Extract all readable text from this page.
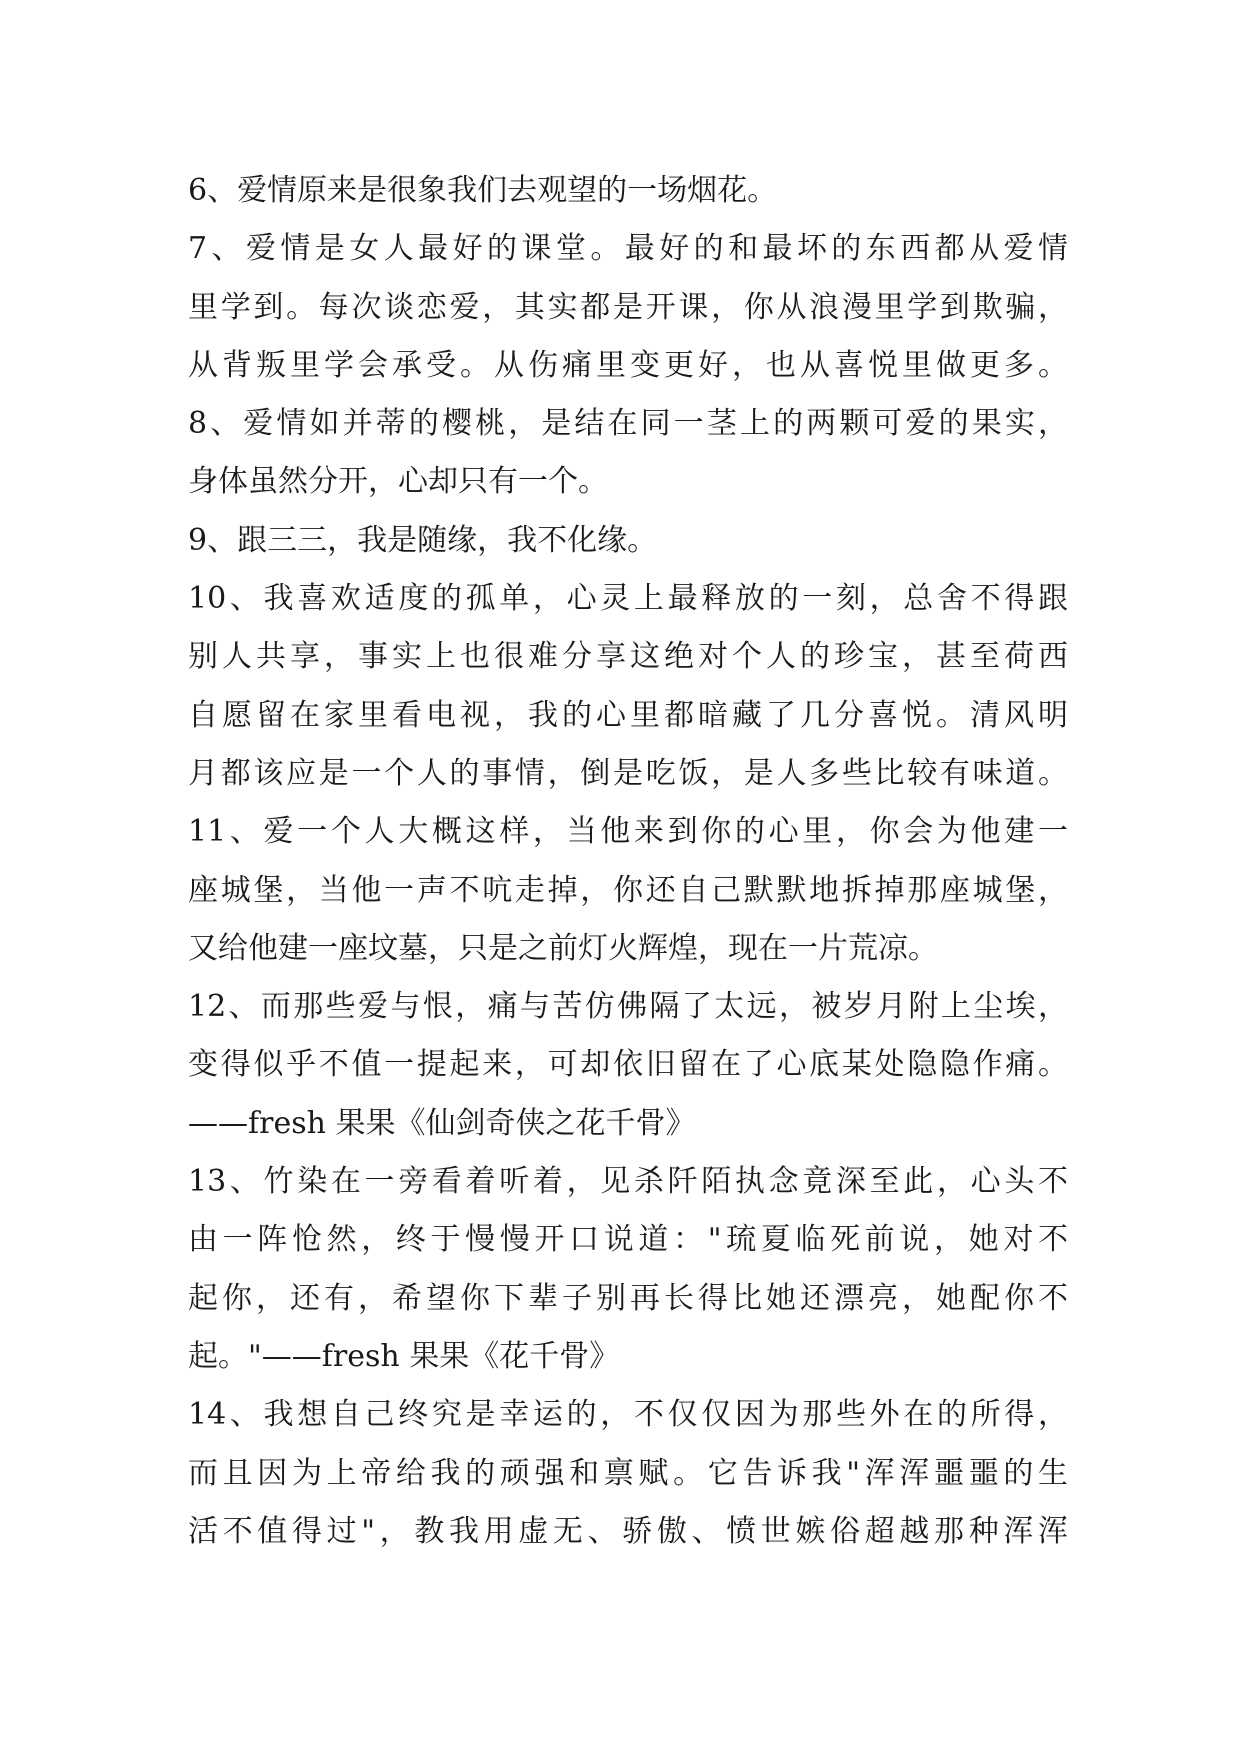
6、爱情原来是很象我们去观望的一场烟花。
7、爱情是女人最好的课堂。最好的和最坏的东西都从爱情
里学到。每次谈恋爱，其实都是开课，你从浪漫里学到欺骗，
从背叛里学会承受。从伤痛里变更好，也从喜悦里做更多。
8、爱情如并蒂的樱桃，是结在同一茎上的两颗可爱的果实，
身体虽然分开，心却只有一个。
9、跟三三，我是随缘，我不化缘。
10、我喜欢适度的孤单，心灵上最释放的一刻，总舍不得跟
别人共享，事实上也很难分享这绝对个人的珍宝，甚至荷西
自愿留在家里看电视，我的心里都暗藏了几分喜悦。清风明
月都该应是一个人的事情，倒是吃饭，是人多些比较有味道。
11、爱一个人大概这样，当他来到你的心里，你会为他建一
座城堡，当他一声不吭走掉，你还自己默默地拆掉那座城堡，
又给他建一座坟墓，只是之前灯火辉煌，现在一片荒凉。
12、而那些爱与恨，痛与苦仿佛隔了太远，被岁月附上尘埃，
变得似乎不值一提起来，可却依旧留在了心底某处隐隐作痛。
——fresh 果果《仙剑奇侠之花千骨》
13、竹染在一旁看着听着，见杀阡陌执念竟深至此，心头不
由一阵怆然，终于慢慢开口说道："琉夏临死前说，她对不
起你，还有，希望你下辈子别再长得比她还漂亮，她配你不
起。"——fresh 果果《花千骨》
14、我想自己终究是幸运的，不仅仅因为那些外在的所得，
而且因为上帝给我的顽强和禀赋。它告诉我"浑浑噩噩的生
活不值得过"，教我用虚无、骄傲、愤世嫉俗超越那种浑浑
